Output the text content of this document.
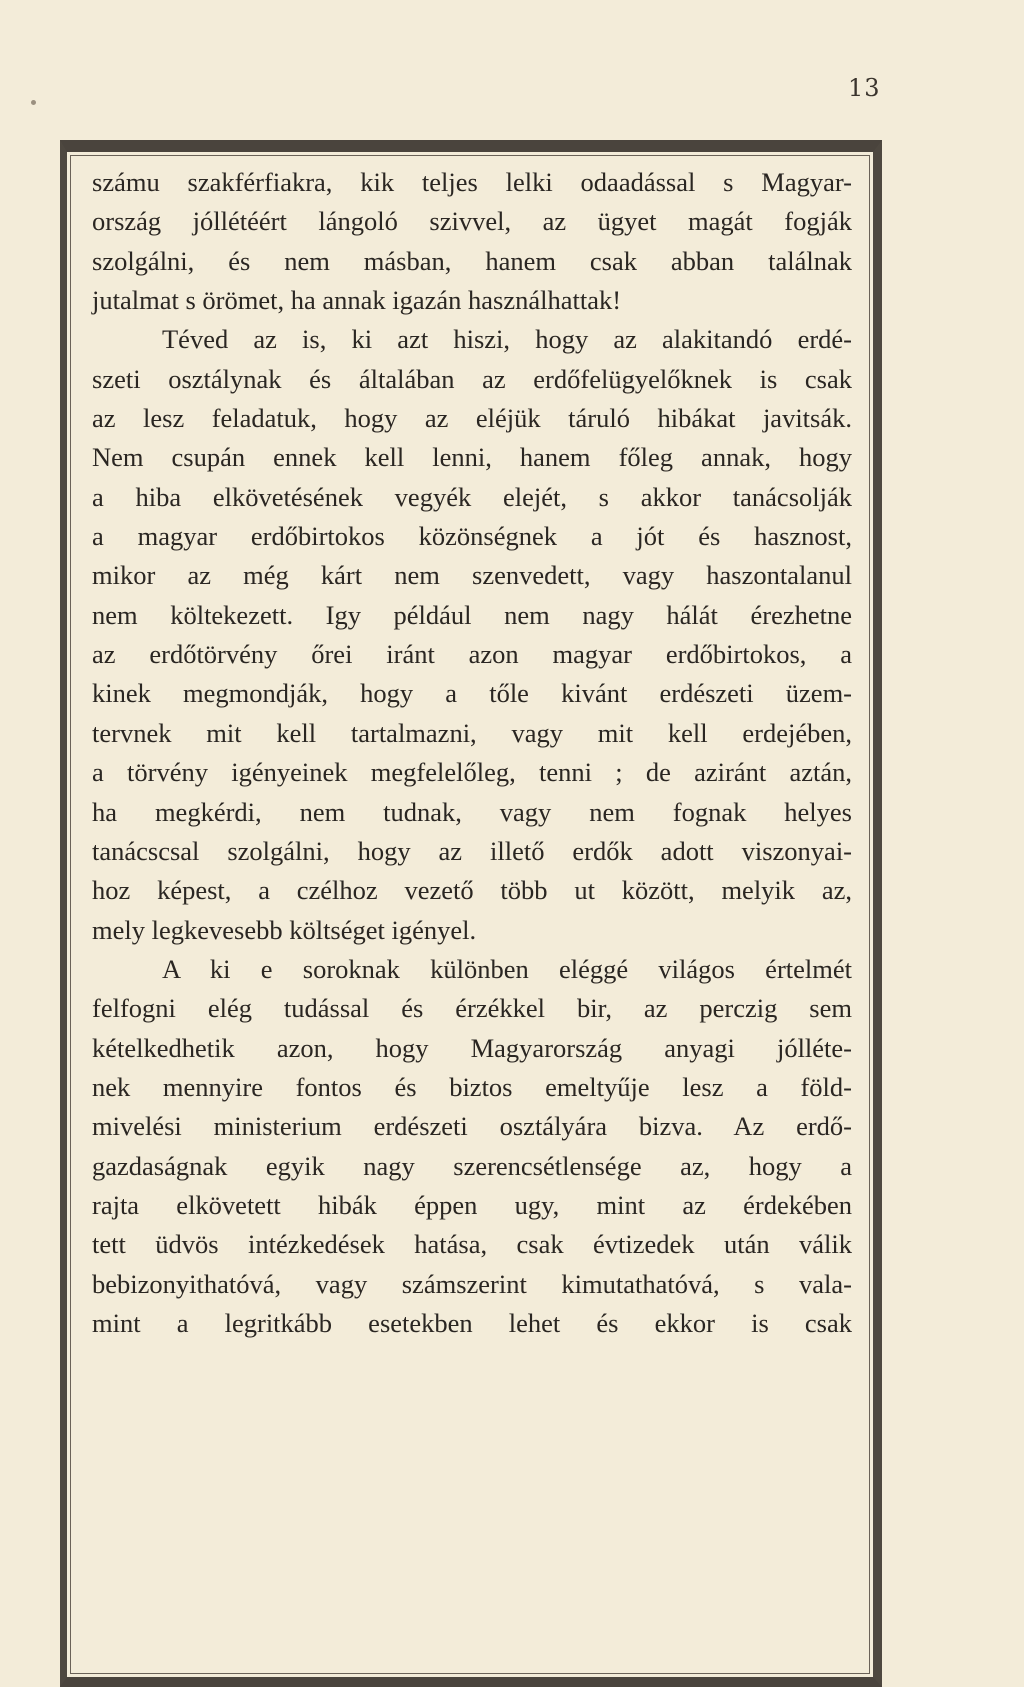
13
számu szakférfiakra, kik teljes lelki odaadással s Magyar-
ország jóllétéért lángoló szivvel, az ügyet magát fogják
szolgálni, és nem másban, hanem csak abban találnak
jutalmat s örömet, ha annak igazán használhattak!
Téved az is, ki azt hiszi, hogy az alakitandó erdé-
szeti osztálynak és általában az erdőfelügyelőknek is csak
az lesz feladatuk, hogy az eléjük táruló hibákat javitsák.
Nem csupán ennek kell lenni, hanem főleg annak, hogy
a hiba elkövetésének vegyék elejét, s akkor tanácsolják
a magyar erdőbirtokos közönségnek a jót és hasznost,
mikor az még kárt nem szenvedett, vagy haszontalanul
nem költekezett. Igy például nem nagy hálát érezhetne
az erdőtörvény őrei iránt azon magyar erdőbirtokos, a
kinek megmondják, hogy a tőle kivánt erdészeti üzem-
tervnek mit kell tartalmazni, vagy mit kell erdejében,
a törvény igényeinek megfelelőleg, tenni ; de aziránt aztán,
ha megkérdi, nem tudnak, vagy nem fognak helyes
tanácscsal szolgálni, hogy az illető erdők adott viszonyai-
hoz képest, a czélhoz vezető több ut között, melyik az,
mely legkevesebb költséget igényel.
A ki e soroknak különben eléggé világos értelmét
felfogni elég tudással és érzékkel bir, az perczig sem
kételkedhetik azon, hogy Magyarország anyagi jólléte-
nek mennyire fontos és biztos emeltyűje lesz a föld-
mivelési ministerium erdészeti osztályára bizva. Az erdő-
gazdaságnak egyik nagy szerencsétlensége az, hogy a
rajta elkövetett hibák éppen ugy, mint az érdekében
tett üdvös intézkedések hatása, csak évtizedek után válik
bebizonyithatóvá, vagy számszerint kimutathatóvá, s vala-
mint a legritkább esetekben lehet és ekkor is csak
